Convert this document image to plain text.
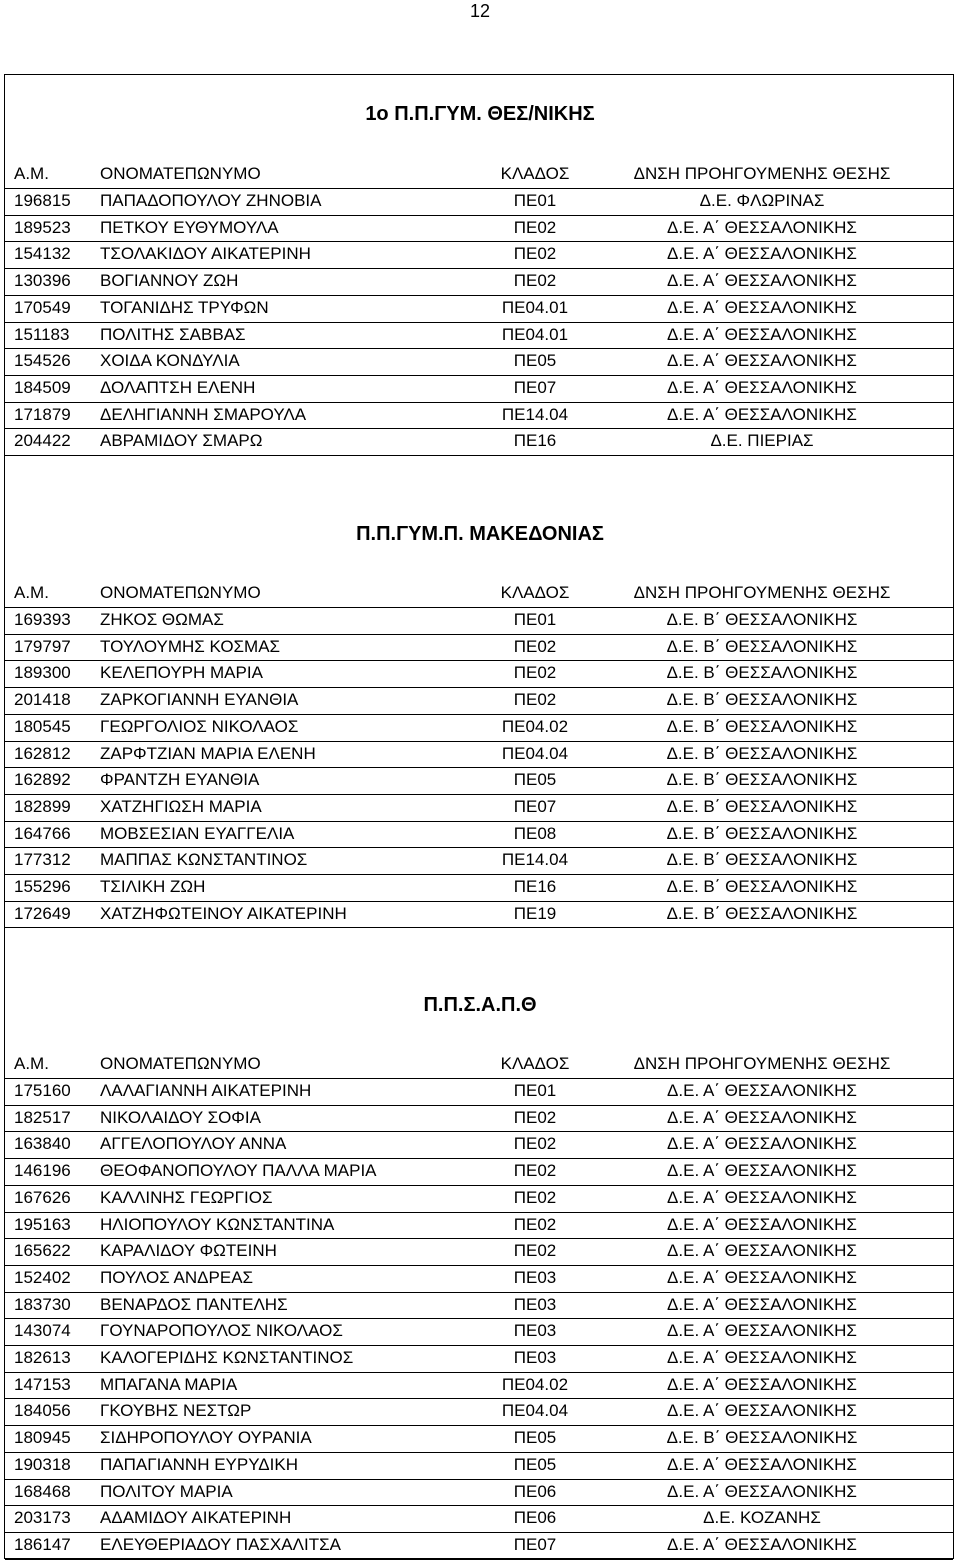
12
1ο Π.Π.ΓΥΜ. ΘΕΣ/ΝΙΚΗΣ
Α.Μ.	ΟΝΟΜΑΤΕΠΩΝΥΜΟ	ΚΛΑΔΟΣ	ΔΝΣΗ ΠΡΟΗΓΟΥΜΕΝΗΣ ΘΕΣΗΣ
196815 ΠΑΠΑΔΟΠΟΥΛΟΥ ΖΗΝΟΒΙΑ	ΠΕ01	Δ.Ε. ΦΛΩΡΙΝΑΣ
189523 ΠΕΤΚΟΥ ΕΥΘΥΜΟΥΛΑ	ΠΕ02	Δ.Ε. Α΄ ΘΕΣΣΑΛΟΝΙΚΗΣ
154132 ΤΣΟΛΑΚΙΔΟΥ ΑΙΚΑΤΕΡΙΝΗ	ΠΕ02	Δ.Ε. Α΄ ΘΕΣΣΑΛΟΝΙΚΗΣ
130396 ΒΟΓΙΑΝΝΟΥ ΖΩΗ	ΠΕ02	Δ.Ε. Α΄ ΘΕΣΣΑΛΟΝΙΚΗΣ
170549 ΤΟΓΑΝΙΔΗΣ ΤΡΥΦΩΝ	ΠΕ04.01	Δ.Ε. Α΄ ΘΕΣΣΑΛΟΝΙΚΗΣ
151183 ΠΟΛΙΤΗΣ ΣΑΒΒΑΣ	ΠΕ04.01	Δ.Ε. Α΄ ΘΕΣΣΑΛΟΝΙΚΗΣ
154526 ΧΟΙΔΑ ΚΟΝΔΥΛΙΑ	ΠΕ05	Δ.Ε. Α΄ ΘΕΣΣΑΛΟΝΙΚΗΣ
184509 ΔΟΛΑΠΤΣΗ ΕΛΕΝΗ	ΠΕ07	Δ.Ε. Α΄ ΘΕΣΣΑΛΟΝΙΚΗΣ
171879 ΔΕΛΗΓΙΑΝΝΗ ΣΜΑΡΟΥΛΑ	ΠΕ14.04	Δ.Ε. Α΄ ΘΕΣΣΑΛΟΝΙΚΗΣ
204422 ΑΒΡΑΜΙΔΟΥ ΣΜΑΡΩ	ΠΕ16	Δ.Ε. ΠΙΕΡΙΑΣ
Π.Π.ΓΥΜ.Π. ΜΑΚΕΔΟΝΙΑΣ
Α.Μ.	ΟΝΟΜΑΤΕΠΩΝΥΜΟ	ΚΛΑΔΟΣ	ΔΝΣΗ ΠΡΟΗΓΟΥΜΕΝΗΣ ΘΕΣΗΣ
169393 ΖΗΚΟΣ ΘΩΜΑΣ	ΠΕ01	Δ.Ε. Β΄ ΘΕΣΣΑΛΟΝΙΚΗΣ
179797 ΤΟΥΛΟΥΜΗΣ ΚΟΣΜΑΣ	ΠΕ02	Δ.Ε. Β΄ ΘΕΣΣΑΛΟΝΙΚΗΣ
189300 ΚΕΛΕΠΟΥΡΗ ΜΑΡΙΑ	ΠΕ02	Δ.Ε. Β΄ ΘΕΣΣΑΛΟΝΙΚΗΣ
201418 ΖΑΡΚΟΓΙΑΝΝΗ ΕΥΑΝΘΙΑ	ΠΕ02	Δ.Ε. Β΄ ΘΕΣΣΑΛΟΝΙΚΗΣ
180545 ΓΕΩΡΓΟΛΙΟΣ ΝΙΚΟΛΑΟΣ	ΠΕ04.02	Δ.Ε. Β΄ ΘΕΣΣΑΛΟΝΙΚΗΣ
162812 ΖΑΡΦΤΖΙΑΝ ΜΑΡΙΑ ΕΛΕΝΗ	ΠΕ04.04	Δ.Ε. Β΄ ΘΕΣΣΑΛΟΝΙΚΗΣ
162892 ΦΡΑΝΤΖΗ ΕΥΑΝΘΙΑ	ΠΕ05	Δ.Ε. Β΄ ΘΕΣΣΑΛΟΝΙΚΗΣ
182899 ΧΑΤΖΗΓΙΩΣΗ ΜΑΡΙΑ	ΠΕ07	Δ.Ε. Β΄ ΘΕΣΣΑΛΟΝΙΚΗΣ
164766 ΜΟΒΣΕΣΙΑΝ ΕΥΑΓΓΕΛΙΑ	ΠΕ08	Δ.Ε. Β΄ ΘΕΣΣΑΛΟΝΙΚΗΣ
177312 ΜΑΠΠΑΣ ΚΩΝΣΤΑΝΤΙΝΟΣ	ΠΕ14.04	Δ.Ε. Β΄ ΘΕΣΣΑΛΟΝΙΚΗΣ
155296 ΤΣΙΛΙΚΗ ΖΩΗ	ΠΕ16	Δ.Ε. Β΄ ΘΕΣΣΑΛΟΝΙΚΗΣ
172649 ΧΑΤΖΗΦΩΤΕΙΝΟΥ ΑΙΚΑΤΕΡΙΝΗ	ΠΕ19	Δ.Ε. Β΄ ΘΕΣΣΑΛΟΝΙΚΗΣ
Π.Π.Σ.Α.Π.Θ
Α.Μ.	ΟΝΟΜΑΤΕΠΩΝΥΜΟ	ΚΛΑΔΟΣ	ΔΝΣΗ ΠΡΟΗΓΟΥΜΕΝΗΣ ΘΕΣΗΣ
175160 ΛΑΛΑΓΙΑΝΝΗ ΑΙΚΑΤΕΡΙΝΗ	ΠΕ01	Δ.Ε. Α΄ ΘΕΣΣΑΛΟΝΙΚΗΣ
182517 ΝΙΚΟΛΑΙΔΟΥ ΣΟΦΙΑ	ΠΕ02	Δ.Ε. Α΄ ΘΕΣΣΑΛΟΝΙΚΗΣ
163840 ΑΓΓΕΛΟΠΟΥΛΟΥ ΑΝΝΑ	ΠΕ02	Δ.Ε. Α΄ ΘΕΣΣΑΛΟΝΙΚΗΣ
146196 ΘΕΟΦΑΝΟΠΟΥΛΟΥ ΠΑΛΛΑ ΜΑΡΙΑ	ΠΕ02	Δ.Ε. Α΄ ΘΕΣΣΑΛΟΝΙΚΗΣ
167626 ΚΑΛΛΙΝΗΣ ΓΕΩΡΓΙΟΣ	ΠΕ02	Δ.Ε. Α΄ ΘΕΣΣΑΛΟΝΙΚΗΣ
195163 ΗΛΙΟΠΟΥΛΟΥ ΚΩΝΣΤΑΝΤΙΝΑ	ΠΕ02	Δ.Ε. Α΄ ΘΕΣΣΑΛΟΝΙΚΗΣ
165622 ΚΑΡΑΛΙΔΟΥ ΦΩΤΕΙΝΗ	ΠΕ02	Δ.Ε. Α΄ ΘΕΣΣΑΛΟΝΙΚΗΣ
152402 ΠΟΥΛΟΣ ΑΝΔΡΕΑΣ	ΠΕ03	Δ.Ε. Α΄ ΘΕΣΣΑΛΟΝΙΚΗΣ
183730 ΒΕΝΑΡΔΟΣ ΠΑΝΤΕΛΗΣ	ΠΕ03	Δ.Ε. Α΄ ΘΕΣΣΑΛΟΝΙΚΗΣ
143074 ΓΟΥΝΑΡΟΠΟΥΛΟΣ ΝΙΚΟΛΑΟΣ	ΠΕ03	Δ.Ε. Α΄ ΘΕΣΣΑΛΟΝΙΚΗΣ
182613 ΚΑΛΟΓΕΡΙΔΗΣ ΚΩΝΣΤΑΝΤΙΝΟΣ	ΠΕ03	Δ.Ε. Α΄ ΘΕΣΣΑΛΟΝΙΚΗΣ
147153 ΜΠΑΓΑΝΑ ΜΑΡΙΑ	ΠΕ04.02	Δ.Ε. Α΄ ΘΕΣΣΑΛΟΝΙΚΗΣ
184056 ΓΚΟΥΒΗΣ ΝΕΣΤΩΡ	ΠΕ04.04	Δ.Ε. Α΄ ΘΕΣΣΑΛΟΝΙΚΗΣ
180945 ΣΙΔΗΡΟΠΟΥΛΟΥ ΟΥΡΑΝΙΑ	ΠΕ05	Δ.Ε. Β΄ ΘΕΣΣΑΛΟΝΙΚΗΣ
190318 ΠΑΠΑΓΙΑΝΝΗ ΕΥΡΥΔΙΚΗ	ΠΕ05	Δ.Ε. Α΄ ΘΕΣΣΑΛΟΝΙΚΗΣ
168468 ΠΟΛΙΤΟΥ ΜΑΡΙΑ	ΠΕ06	Δ.Ε. Α΄ ΘΕΣΣΑΛΟΝΙΚΗΣ
203173 ΑΔΑΜΙΔΟΥ ΑΙΚΑΤΕΡΙΝΗ	ΠΕ06	Δ.Ε. ΚΟΖΑΝΗΣ
186147 ΕΛΕΥΘΕΡΙΑΔΟΥ ΠΑΣΧΑΛΙΤΣΑ	ΠΕ07	Δ.Ε. Α΄ ΘΕΣΣΑΛΟΝΙΚΗΣ
